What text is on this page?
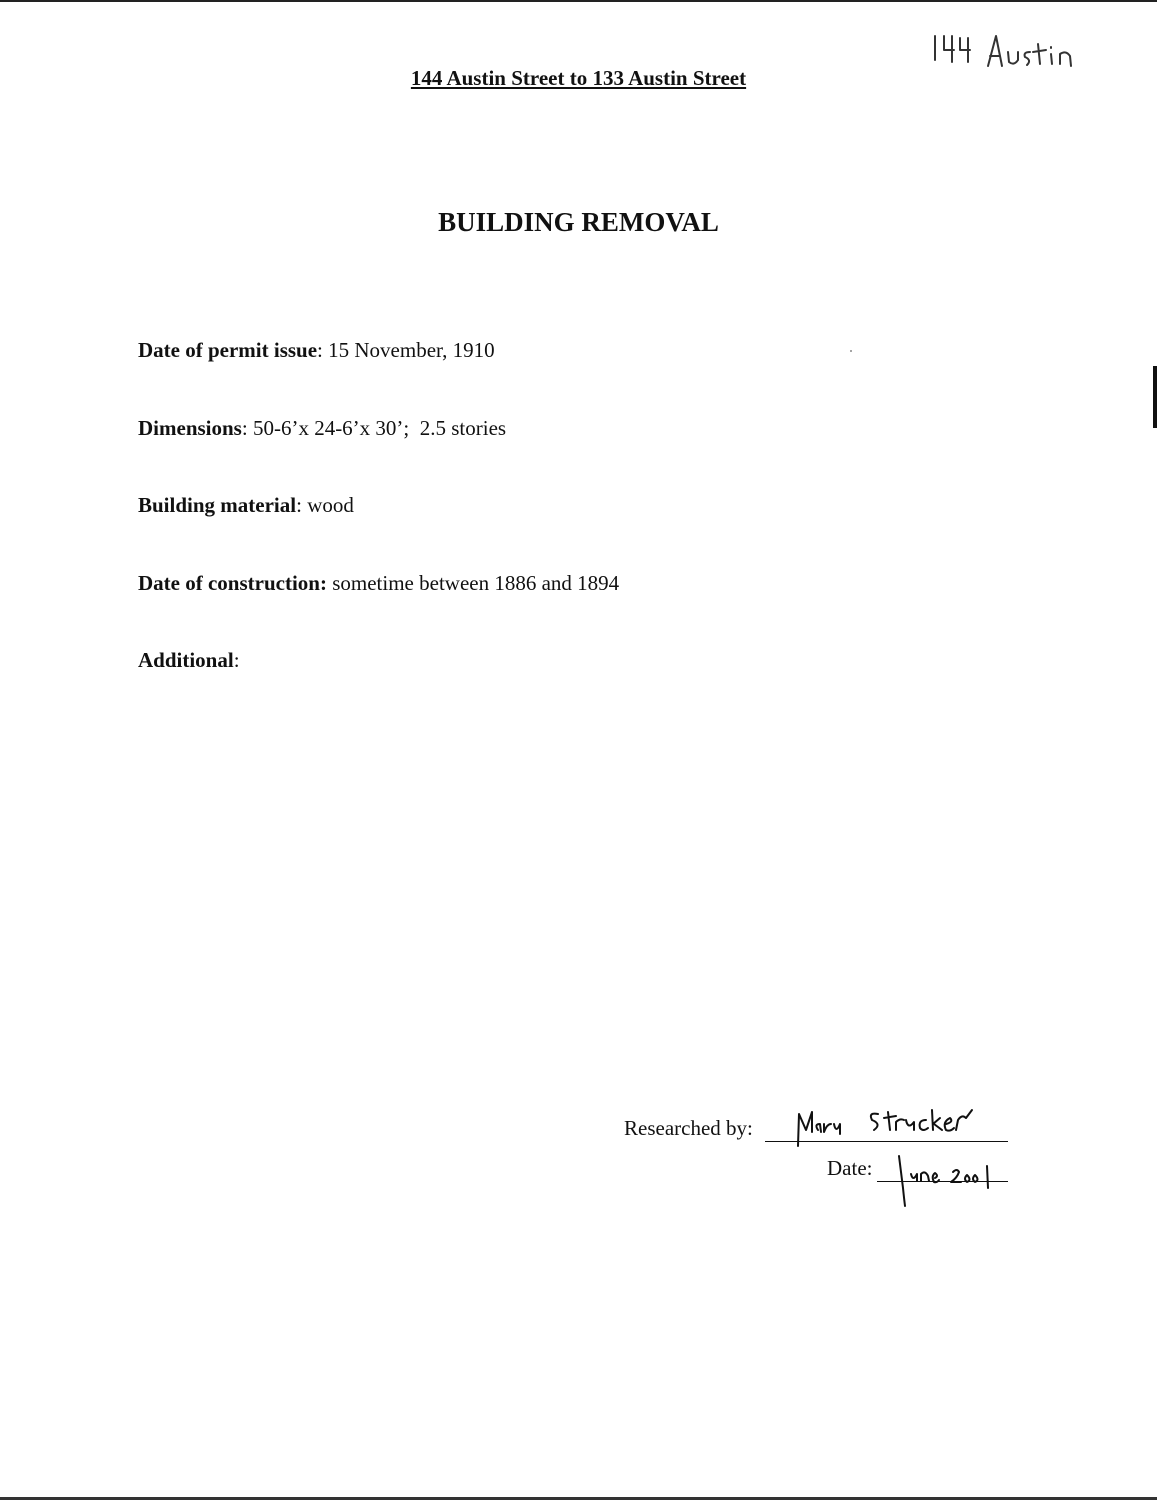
144 Austin Street to 133 Austin Street
BUILDING REMOVAL
Date of permit issue: 15 November, 1910
Dimensions: 50-6’x 24-6’x 30’;  2.5 stories
Building material: wood
Date of construction: sometime between 1886 and 1894
Additional:
Researched by:
Date:
